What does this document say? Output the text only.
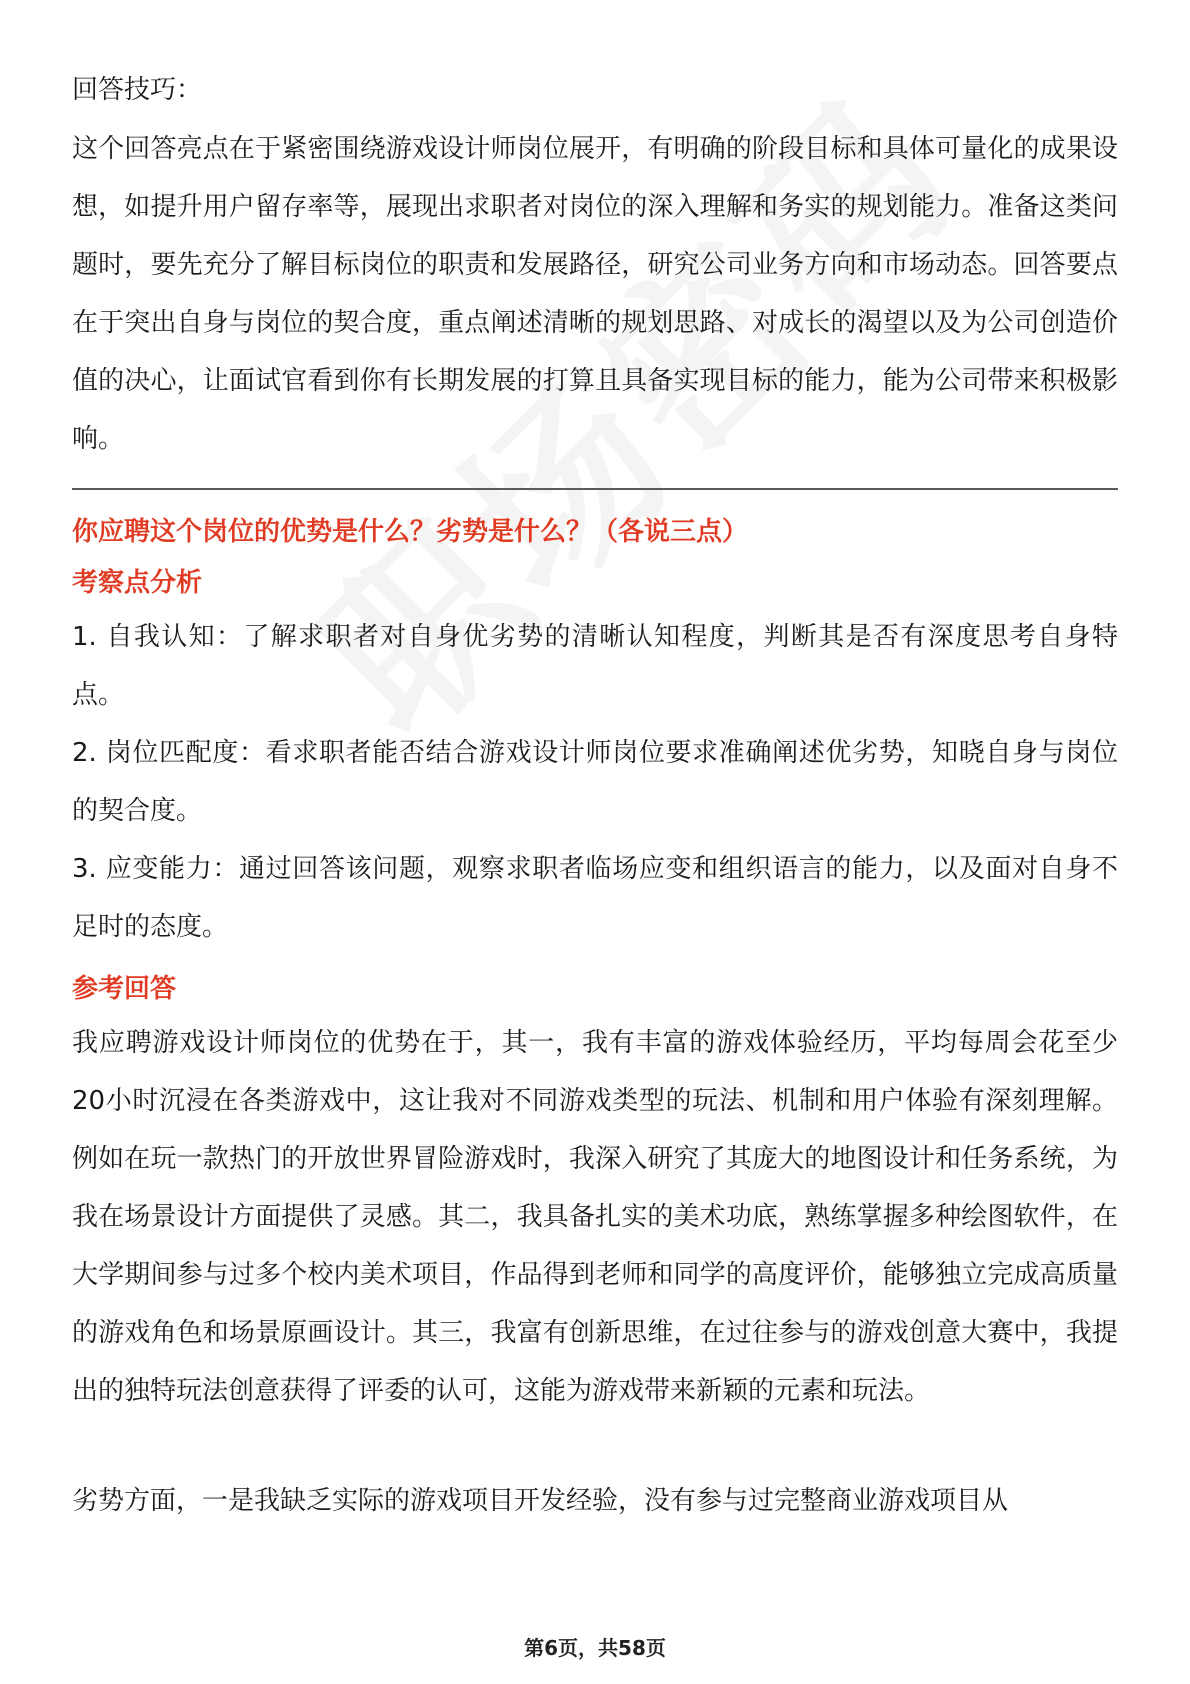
回答技巧：

这个回答亮点在于紧密围绕游戏设计师岗位展开，有明确的阶段目标和具体可量化的成果设想，如提升用户留存率等，展现出求职者对岗位的深入理解和务实的规划能力。准备这类问题时，要先充分了解目标岗位的职责和发展路径，研究公司业务方向和市场动态。回答要点在于突出自身与岗位的契合度，重点阐述清晰的规划思路、对成长的渴望以及为公司创造价值的决心，让面试官看到你有长期发展的打算且具备实现目标的能力，能为公司带来积极影响。

你应聘这个岗位的优势是什么？劣势是什么？（各说三点）

考察点分析

1. 自我认知：了解求职者对自身优劣势的清晰认知程度，判断其是否有深度思考自身特点。

2. 岗位匹配度：看求职者能否结合游戏设计师岗位要求准确阐述优劣势，知晓自身与岗位的契合度。

3. 应变能力：通过回答该问题，观察求职者临场应变和组织语言的能力，以及面对自身不足时的态度。

参考回答

我应聘游戏设计师岗位的优势在于，其一，我有丰富的游戏体验经历，平均每周会花至少20小时沉浸在各类游戏中，这让我对不同游戏类型的玩法、机制和用户体验有深刻理解。例如在玩一款热门的开放世界冒险游戏时，我深入研究了其庞大的地图设计和任务系统，为我在场景设计方面提供了灵感。其二，我具备扎实的美术功底，熟练掌握多种绘图软件，在大学期间参与过多个校内美术项目，作品得到老师和同学的高度评价，能够独立完成高质量的游戏角色和场景原画设计。其三，我富有创新思维，在过往参与的游戏创意大赛中，我提出的独特玩法创意获得了评委的认可，这能为游戏带来新颖的元素和玩法。

劣势方面，一是我缺乏实际的游戏项目开发经验，没有参与过完整商业游戏项目从

第6页，共58页
